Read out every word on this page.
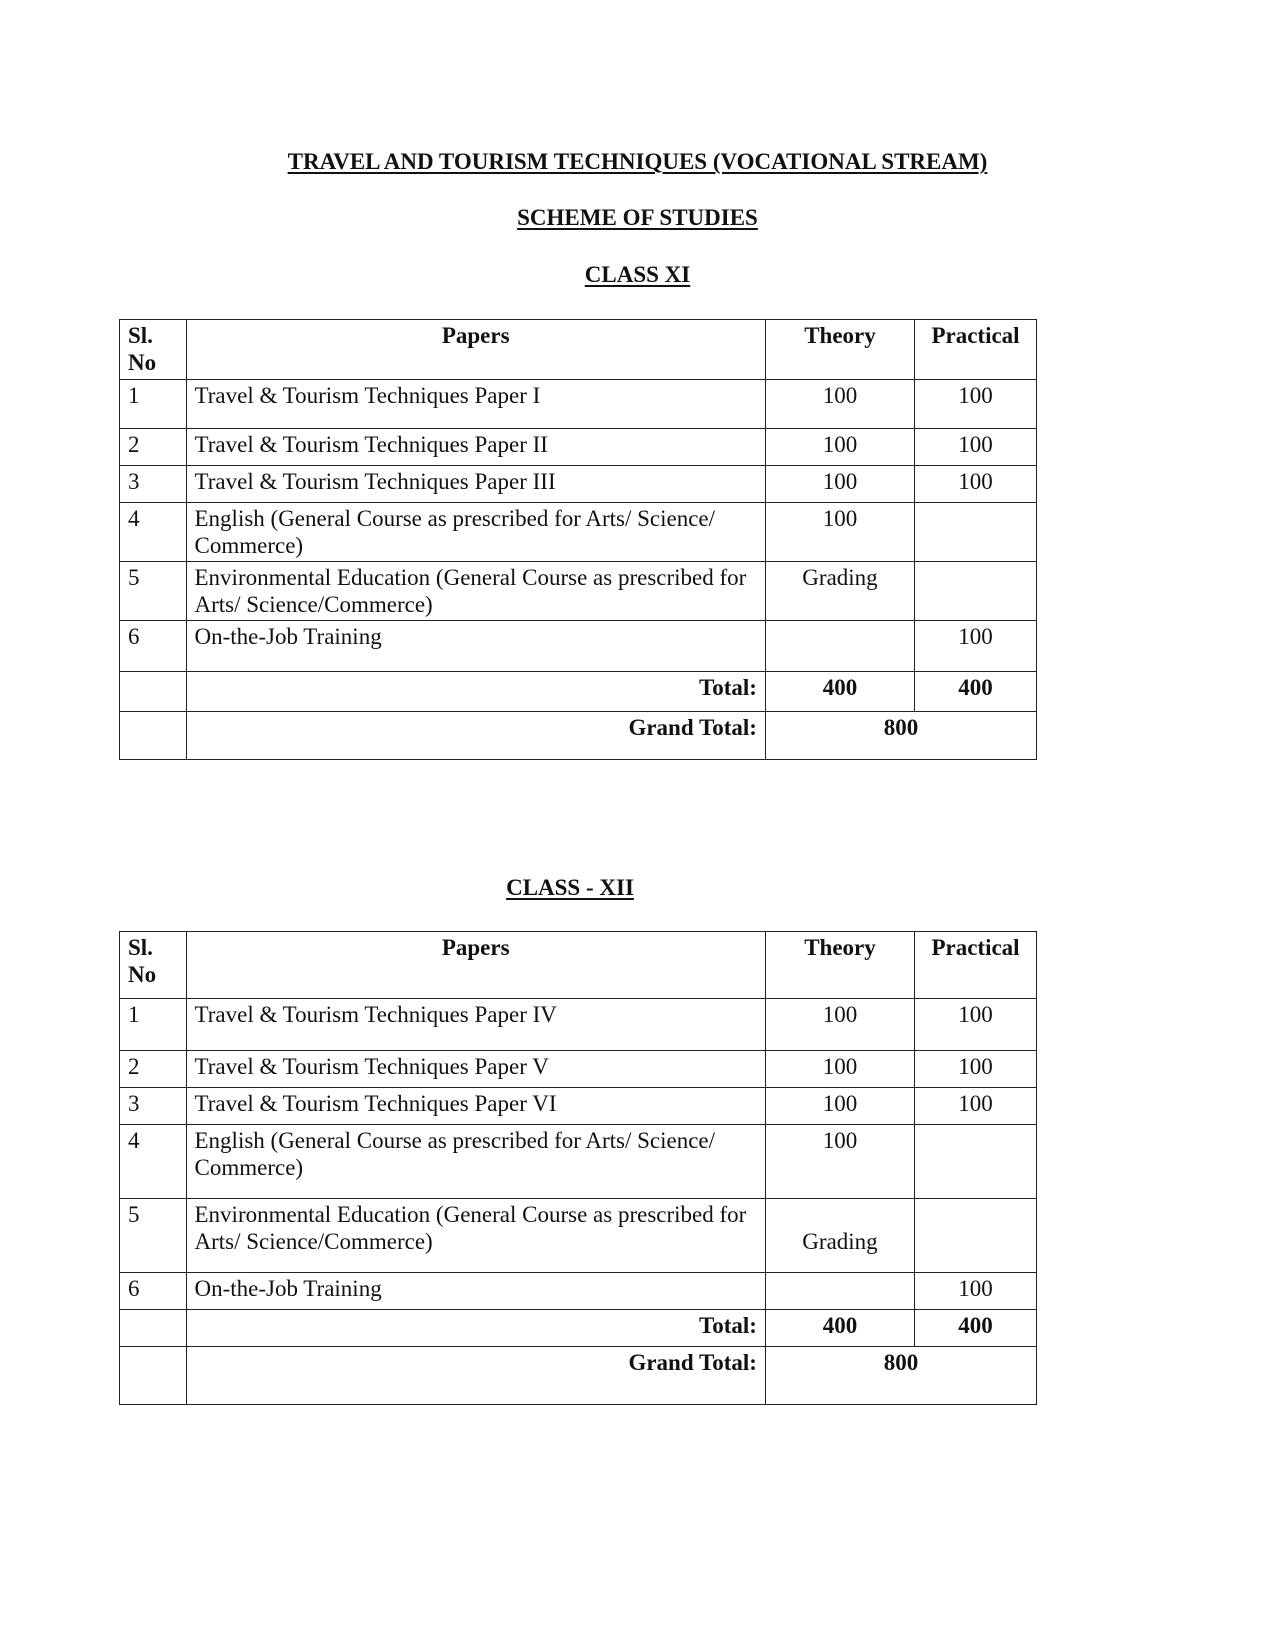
TRAVEL AND TOURISM TECHNIQUES (VOCATIONAL STREAM)
SCHEME OF STUDIES
CLASS XI
Sl.
No	Papers	Theory	Practical
1	Travel & Tourism Techniques Paper I	100	100
2	Travel & Tourism Techniques Paper II	100	100
3	Travel & Tourism Techniques Paper III	100	100
4	English (General Course as prescribed for Arts/ Science/ Commerce)	100	
5	Environmental Education (General Course as prescribed for Arts/ Science/Commerce)	Grading	
6	On-the-Job Training		100
	Total:	400	400
	Grand Total:	800	
CLASS - XII
Sl.
No	Papers	Theory	Practical
1	Travel & Tourism Techniques Paper IV	100	100
2	Travel & Tourism Techniques Paper V	100	100
3	Travel & Tourism Techniques Paper VI	100	100
4	English (General Course as prescribed for Arts/ Science/ Commerce)	100	
5	Environmental Education (General Course as prescribed for Arts/ Science/Commerce)	Grading	
6	On-the-Job Training		100
	Total:	400	400
	Grand Total:	800	
